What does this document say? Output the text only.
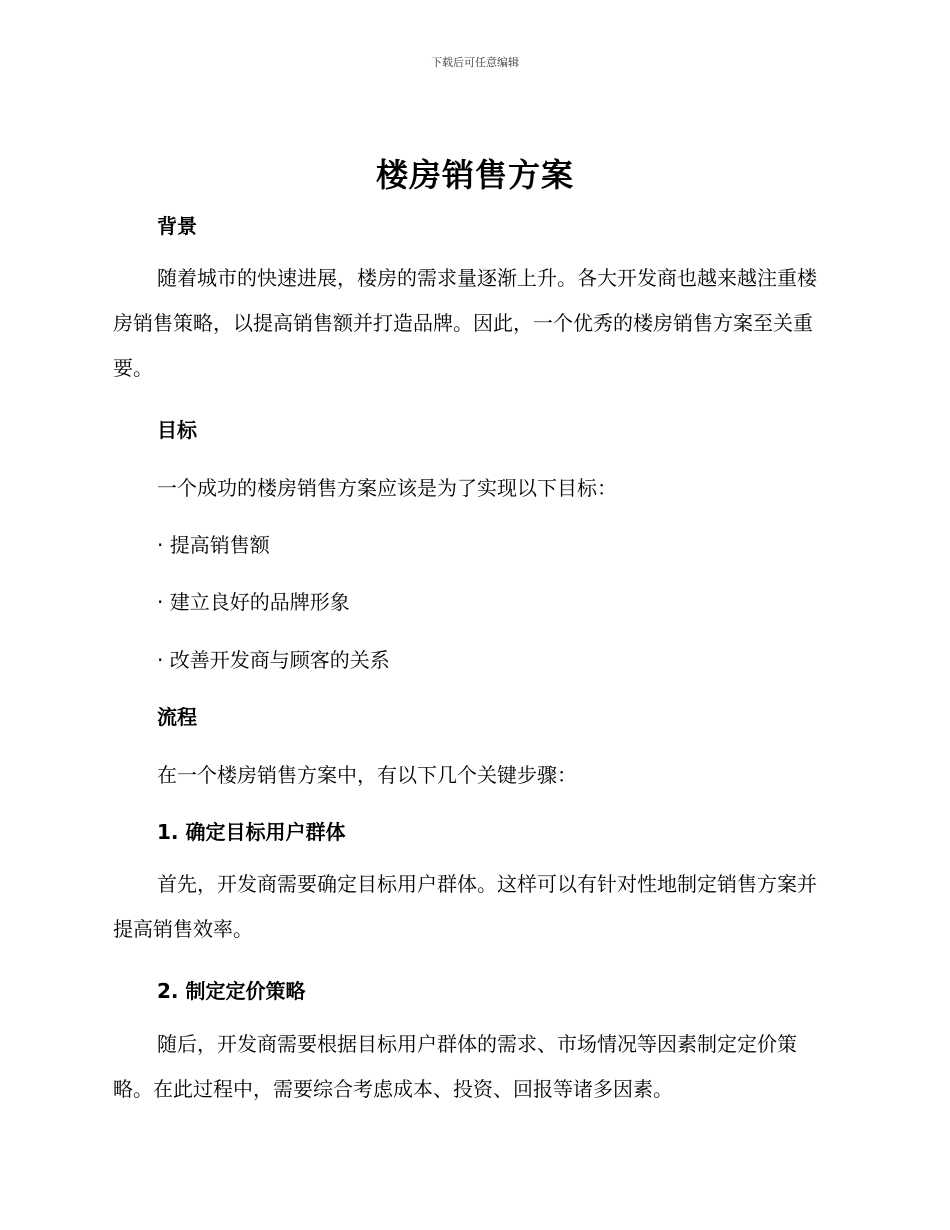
下载后可任意编辑
楼房销售方案
背景
随着城市的快速进展，楼房的需求量逐渐上升。各大开发商也越来越注重楼房销售策略，以提高销售额并打造品牌。因此，一个优秀的楼房销售方案至关重要。
目标
一个成功的楼房销售方案应该是为了实现以下目标：
· 提高销售额
· 建立良好的品牌形象
· 改善开发商与顾客的关系
流程
在一个楼房销售方案中，有以下几个关键步骤：
1. 确定目标用户群体
首先，开发商需要确定目标用户群体。这样可以有针对性地制定销售方案并提高销售效率。
2. 制定定价策略
随后，开发商需要根据目标用户群体的需求、市场情况等因素制定定价策略。在此过程中，需要综合考虑成本、投资、回报等诸多因素。
